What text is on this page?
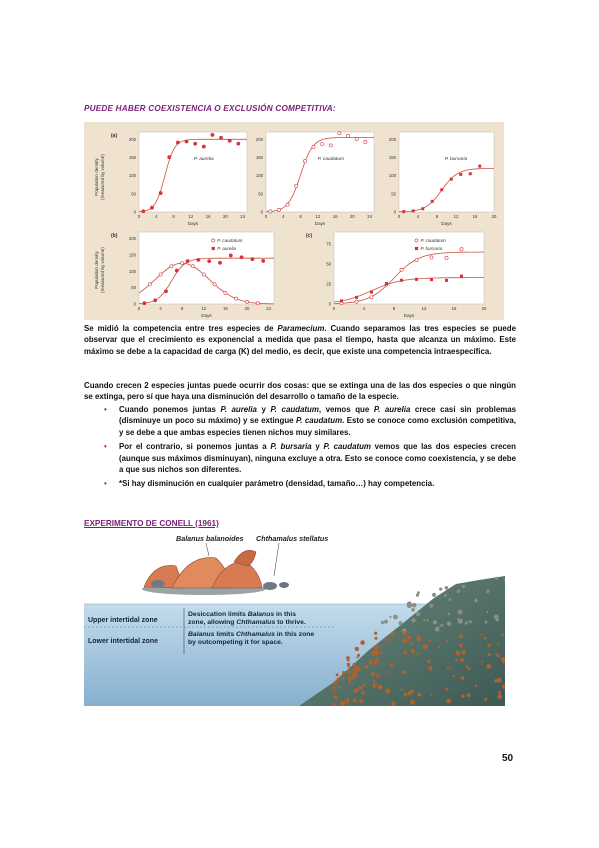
PUEDE HABER COEXISTENCIA O EXCLUSIÓN COMPETITIVA:
(a)
0
50
100
150
200
0	4	8	12	16	20	24
Days
P. aurelia
0
50
100
150
200
0	4	8	12	16	20	24
Days
P. caudatum
0
50
100
150
200
0	4	8	12	16	20
Days
P. bursaria
(b)
0
50
100
150
200
0	4	8	12	16	20	24
Days
P. caudatum
P. aurelia
(c)
0
25
50
75
0	4	8	12	16	20
Days
P. caudatum
P. bursaria
Population density (measured by volume)
Population density (measured by volume)
Se midió la competencia entre tres especies de Paramecium. Cuando separamos las tres especies se puede observar que el crecimiento es exponencial a medida que pasa el tiempo, hasta que alcanza un máximo. Este máximo se debe a la capacidad de carga (K) del medio, es decir, que existe una competencia intraespecífica.
Cuando crecen 2 especies juntas puede ocurrir dos cosas: que se extinga una de las dos especies o que ningún se extinga, pero sí que haya una disminución del desarrollo o tamaño de la especie.
• Cuando ponemos juntas P. aurelia y P. caudatum, vemos que P. aurelia crece casi sin problemas (disminuye un poco su máximo) y se extingue P. caudatum. Esto se conoce como exclusión competitiva, y se debe a que ambas especies tienen nichos muy similares.
• Por el contrario, si ponemos juntas a P. bursaria y P. caudatum vemos que las dos especies crecen (aunque sus máximos disminuyan), ninguna excluye a otra. Esto se conoce como coexistencia, y se debe a que sus nichos son diferentes.
• *Si hay disminución en cualquier parámetro (densidad, tamaño…) hay competencia.
EXPERIMENTO DE CONELL (1961)
Balanus balanoides Chthamalus stellatus
Upper intertidal zone
Lower intertidal zone
Desiccation limits Balanus in this
zone, allowing Chthamalus to thrive.
Balanus limits Chthamalus in this zone
by outcompeting it for space.
50
